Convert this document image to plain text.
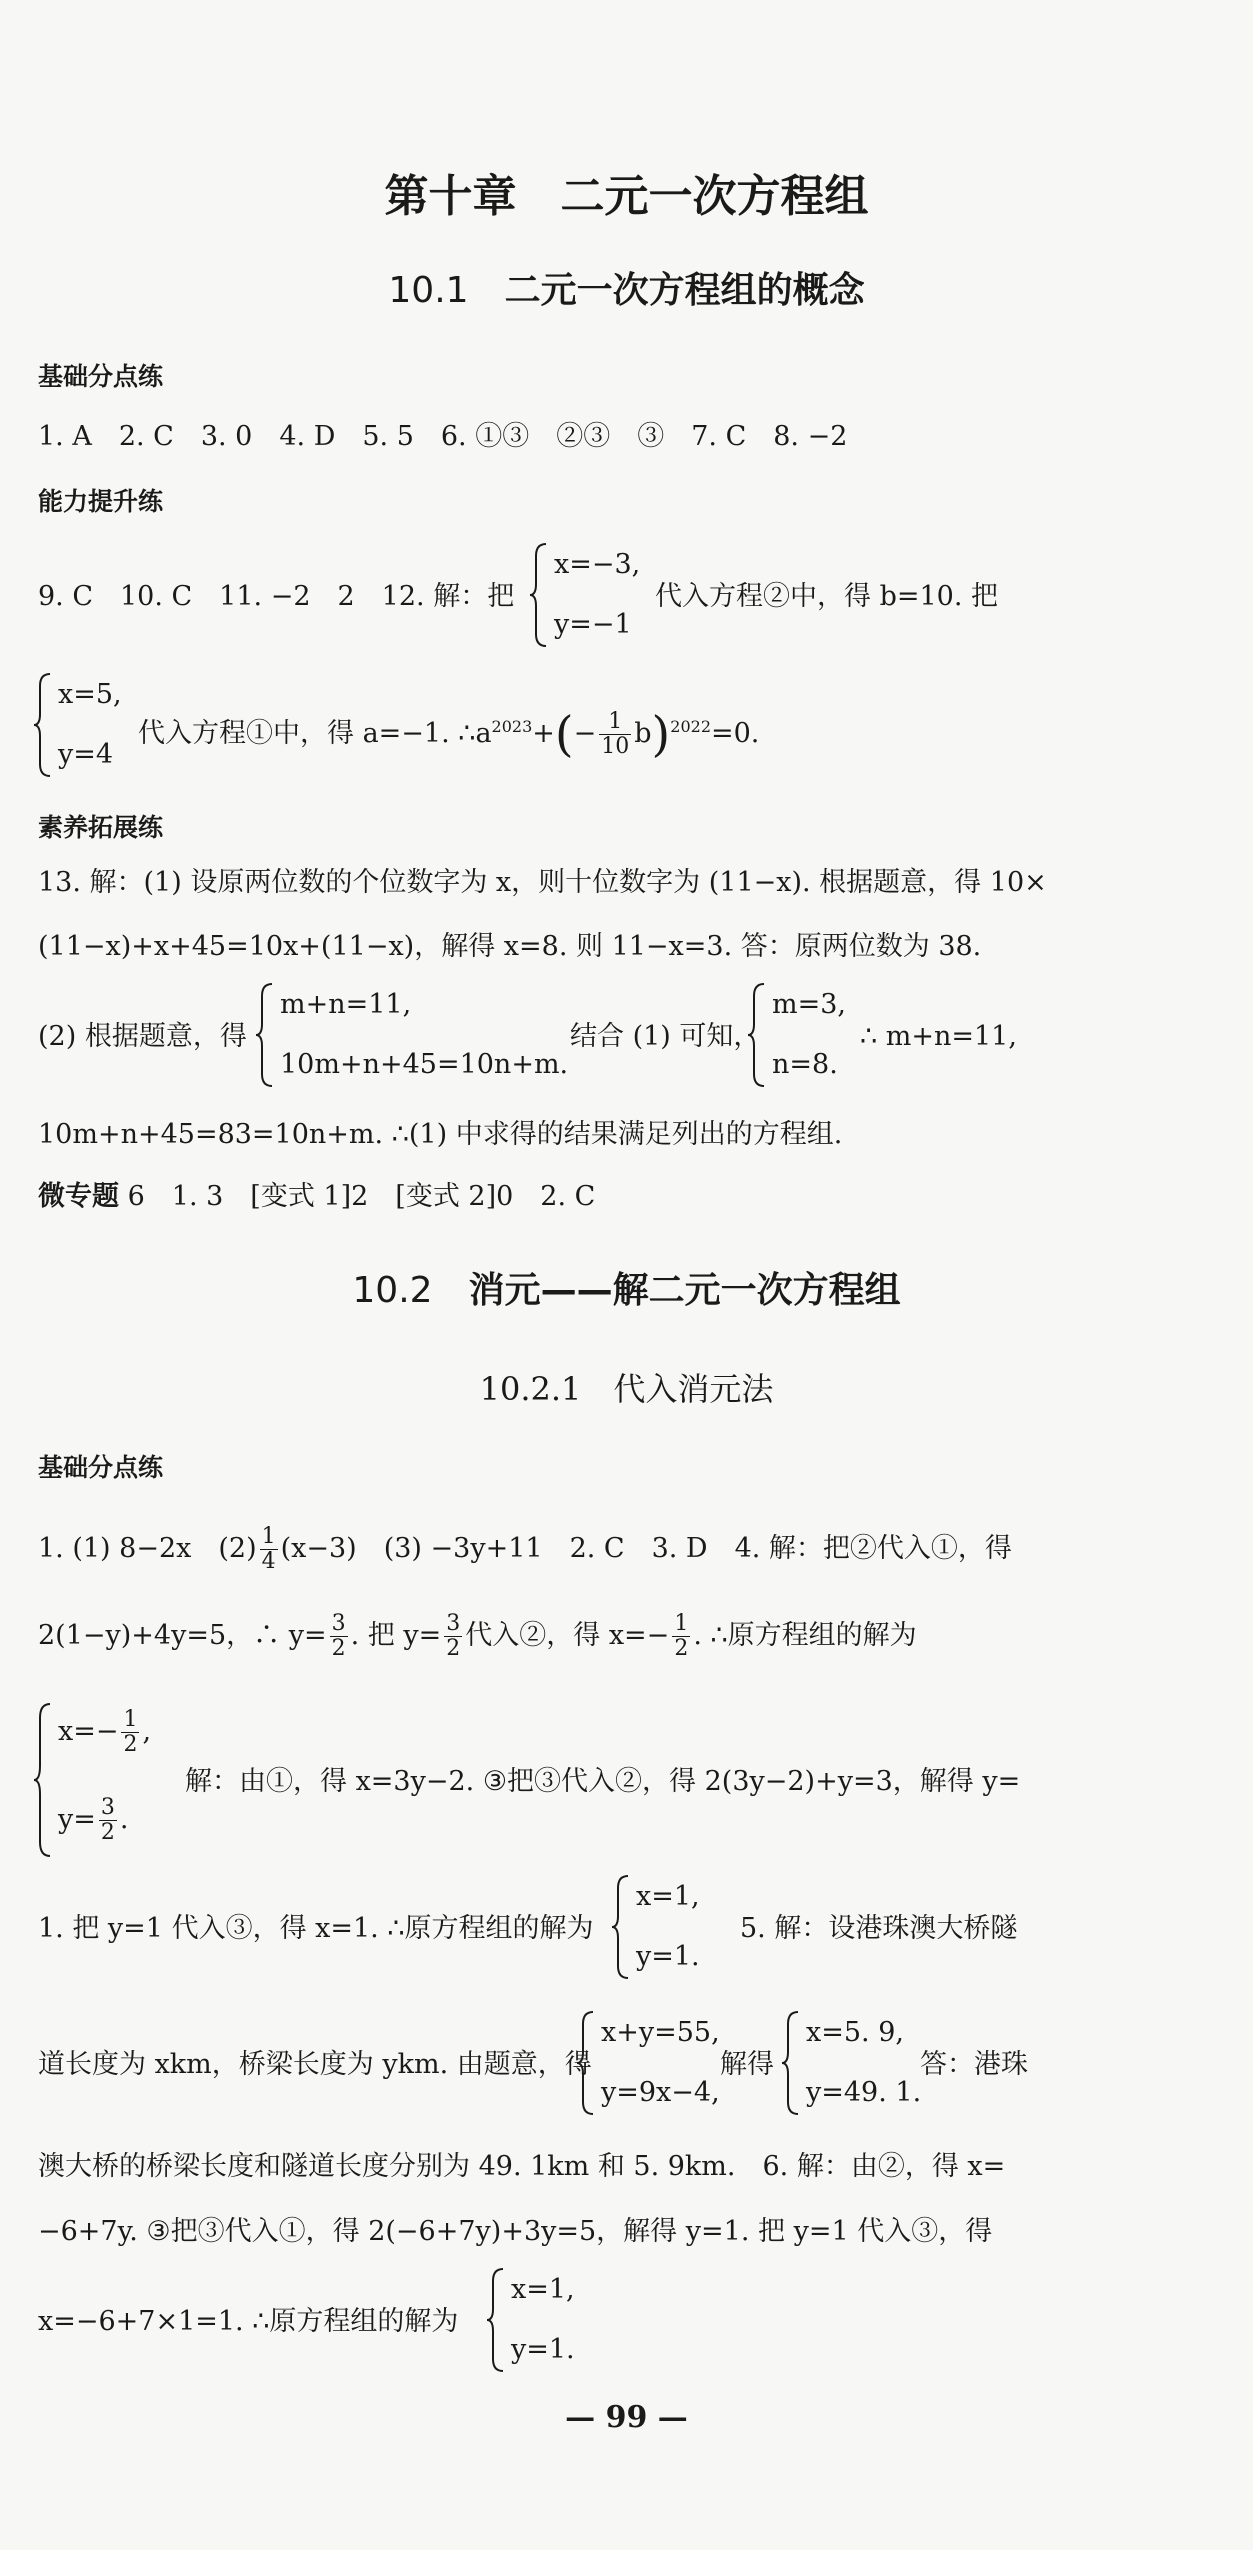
第十章　二元一次方程组
10.1　 二元一次方程组的概念
基础分点练
1. A　2. C　3. 0　4. D　5. 5　6. ①③　②③　③　7. C　8. −2
能力提升练
9. C　10. C　11. −2　2　12. 解：把
x=−3,
y=−1
代入方程②中，得 b=10. 把
x=5,
y=4
代入方程①中，得 a=−1. $\therefore a^{2023}+(- \frac{1}{10} b)^{2022}=0$.
素养拓展练
13. 解：(1) 设原两位数的个位数字为 x，则十位数字为 (11−x). 根据题意，得 10×
(11−x)+x+45=10x+(11−x)，解得 x=8. 则 11−x=3. 答：原两位数为 38.
(2) 根据题意，得
m+n=11,
10m+n+45=10n+m.
结合 (1) 可知，
m=3,
n=8.
∴ m+n=11,
10m+n+45=83=10n+m. ∴(1) 中求得的结果满足列出的方程组.
微专题 6　1. 3　[变式 1]2　[变式 2]0　2. C
10.2　 消元——解二元一次方程组
10.2.1　 代入消元法
基础分点练
1. (1) 8−2x　$(2) \frac{1}{4} (x-3)$　(3) −3y+11　2. C　3. D　4. 解：把②代入①，得
2(1−y)+4y=5，∴ $y= \frac{3}{2}$ . 把 $y= \frac{3}{2}$ 代入②，得 $x=- \frac{1}{2}$ . ∴原方程组的解为
$x=- \frac{1}{2}$ ,
$y= \frac{3}{2}$ .
解：由①，得 x=3y−2. ③把③代入②，得 2(3y−2)+y=3，解得 y=
1. 把 y=1 代入③，得 x=1. ∴原方程组的解为
x=1,
y=1.
5. 解：设港珠澳大桥隧
道长度为 xkm，桥梁长度为 ykm. 由题意，得
x+y=55,
y=9x−4,
解得
x=5. 9,
y=49. 1.
答：港珠
澳大桥的桥梁长度和隧道长度分别为 49. 1km 和 5. 9km.　6. 解：由②，得 x=
−6+7y. ③把③代入①，得 2(−6+7y)+3y=5，解得 y=1. 把 y=1 代入③，得
x=−6+7×1=1. ∴原方程组的解为
x=1,
y=1.
— 99 —
